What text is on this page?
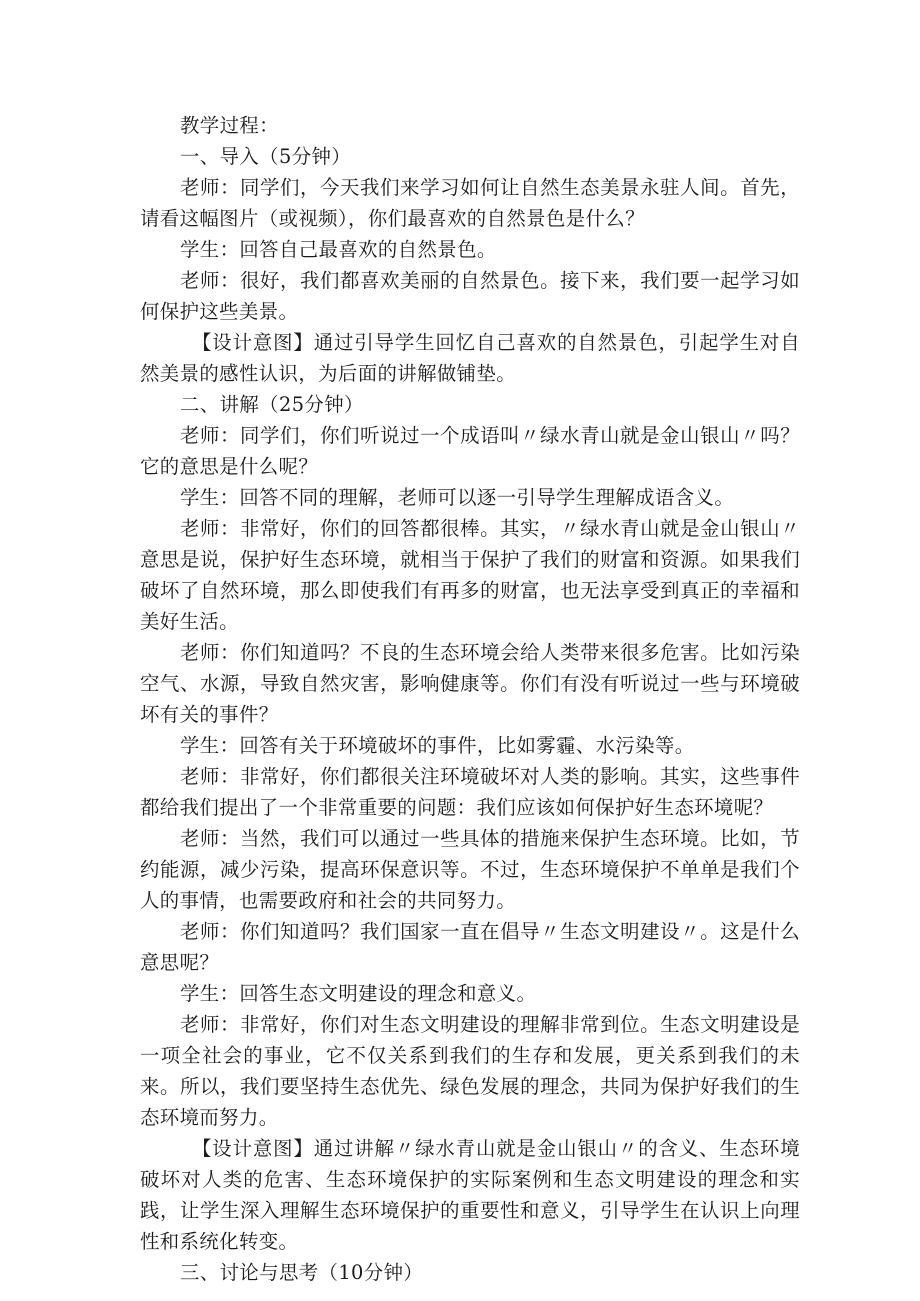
教学过程：

一、导入（5分钟）

老师：同学们，今天我们来学习如何让自然生态美景永驻人间。首先，请看这幅图片（或视频），你们最喜欢的自然景色是什么？

学生：回答自己最喜欢的自然景色。

老师：很好，我们都喜欢美丽的自然景色。接下来，我们要一起学习如何保护这些美景。

【设计意图】通过引导学生回忆自己喜欢的自然景色，引起学生对自然美景的感性认识，为后面的讲解做铺垫。

二、讲解（25分钟）

老师：同学们，你们听说过一个成语叫〃绿水青山就是金山银山〃吗？它的意思是什么呢？

学生：回答不同的理解，老师可以逐一引导学生理解成语含义。

老师：非常好，你们的回答都很棒。其实，〃绿水青山就是金山银山〃意思是说，保护好生态环境，就相当于保护了我们的财富和资源。如果我们破坏了自然环境，那么即使我们有再多的财富，也无法享受到真正的幸福和美好生活。

老师：你们知道吗？不良的生态环境会给人类带来很多危害。比如污染空气、水源，导致自然灾害，影响健康等。你们有没有听说过一些与环境破坏有关的事件？

学生：回答有关于环境破坏的事件，比如雾霾、水污染等。

老师：非常好，你们都很关注环境破坏对人类的影响。其实，这些事件都给我们提出了一个非常重要的问题：我们应该如何保护好生态环境呢？

老师：当然，我们可以通过一些具体的措施来保护生态环境。比如，节约能源，减少污染，提高环保意识等。不过，生态环境保护不单单是我们个人的事情，也需要政府和社会的共同努力。

老师：你们知道吗？我们国家一直在倡导〃生态文明建设〃。这是什么意思呢？

学生：回答生态文明建设的理念和意义。

老师：非常好，你们对生态文明建设的理解非常到位。生态文明建设是一项全社会的事业，它不仅关系到我们的生存和发展，更关系到我们的未来。所以，我们要坚持生态优先、绿色发展的理念，共同为保护好我们的生态环境而努力。

【设计意图】通过讲解〃绿水青山就是金山银山〃的含义、生态环境破坏对人类的危害、生态环境保护的实际案例和生态文明建设的理念和实践，让学生深入理解生态环境保护的重要性和意义，引导学生在认识上向理性和系统化转变。

三、讨论与思考（10分钟）
